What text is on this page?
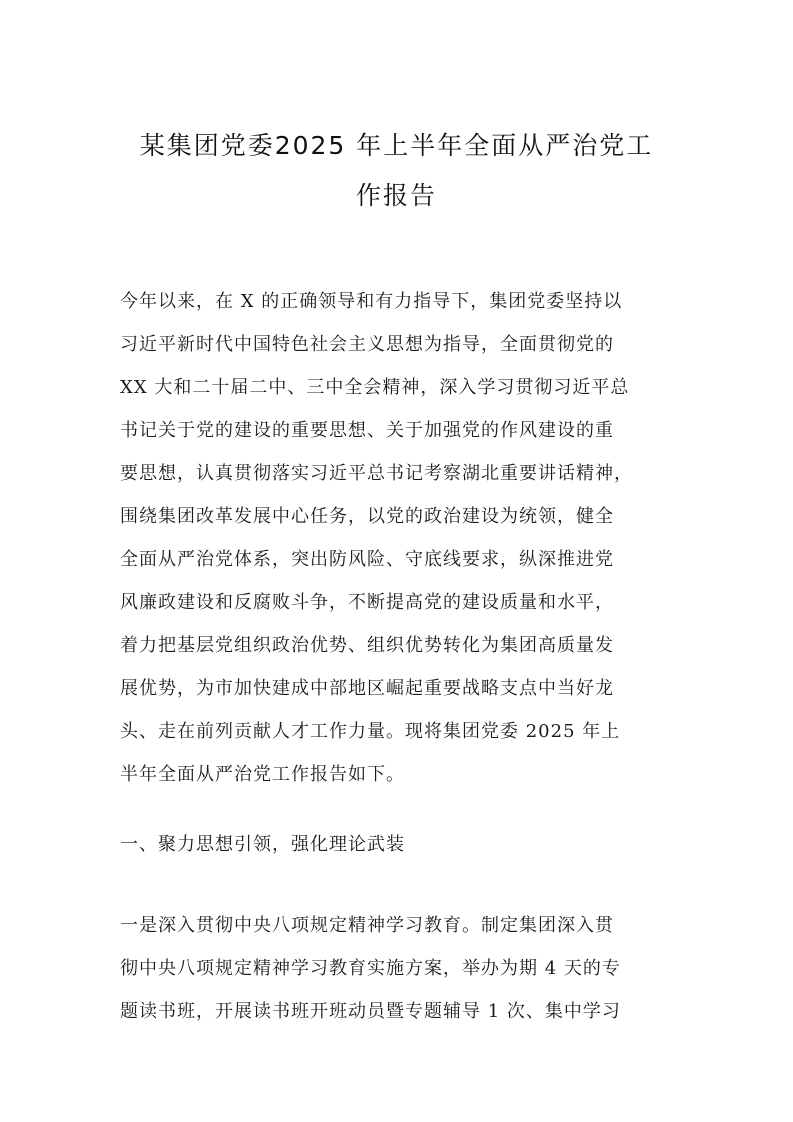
某集团党委2025 年上半年全面从严治党工
作报告
今年以来，在 X 的正确领导和有力指导下，集团党委坚持以
习近平新时代中国特色社会主义思想为指导，全面贯彻党的
XX 大和二十届二中、三中全会精神，深入学习贯彻习近平总
书记关于党的建设的重要思想、关于加强党的作风建设的重
要思想，认真贯彻落实习近平总书记考察湖北重要讲话精神，
围绕集团改革发展中心任务，以党的政治建设为统领，健全
全面从严治党体系，突出防风险、守底线要求，纵深推进党
风廉政建设和反腐败斗争，不断提高党的建设质量和水平，
着力把基层党组织政治优势、组织优势转化为集团高质量发
展优势，为市加快建成中部地区崛起重要战略支点中当好龙
头、走在前列贡献人才工作力量。现将集团党委 2025 年上
半年全面从严治党工作报告如下。
一、聚力思想引领，强化理论武装
一是深入贯彻中央八项规定精神学习教育。制定集团深入贯
彻中央八项规定精神学习教育实施方案，举办为期 4 天的专
题读书班，开展读书班开班动员暨专题辅导 1 次、集中学习
